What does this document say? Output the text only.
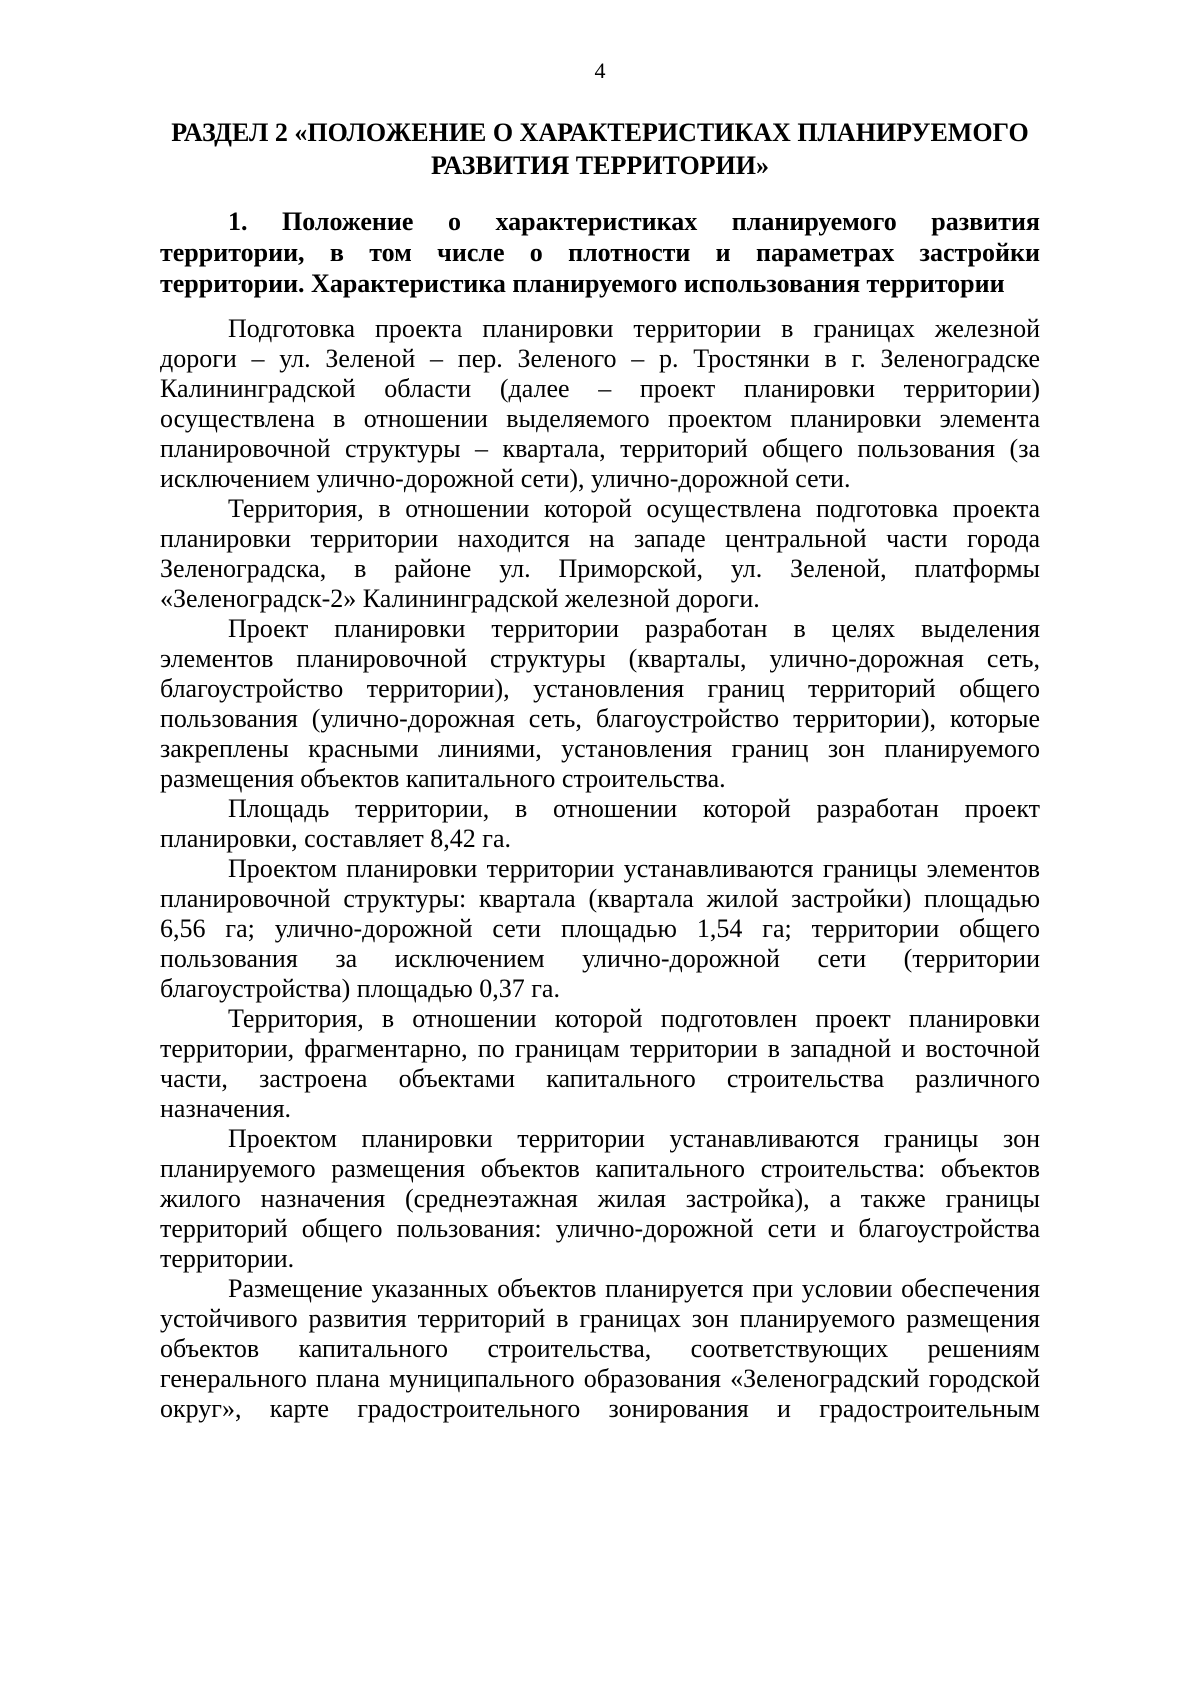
4
РАЗДЕЛ 2 «ПОЛОЖЕНИЕ О ХАРАКТЕРИСТИКАХ ПЛАНИРУЕМОГО РАЗВИТИЯ ТЕРРИТОРИИ»
1. Положение о характеристиках планируемого развития территории, в том числе о плотности и параметрах застройки территории. Характеристика планируемого использования территории

Подготовка проекта планировки территории в границах железной дороги – ул. Зеленой – пер. Зеленого – р. Тростянки в г. Зеленоградске Калининградской области (далее – проект планировки территории) осуществлена в отношении выделяемого проектом планировки элемента планировочной структуры – квартала, территорий общего пользования (за исключением улично-дорожной сети), улично-дорожной сети.

Территория, в отношении которой осуществлена подготовка проекта планировки территории находится на западе центральной части города Зеленоградска, в районе ул. Приморской, ул. Зеленой, платформы «Зеленоградск-2» Калининградской железной дороги.

Проект планировки территории разработан в целях выделения элементов планировочной структуры (кварталы, улично-дорожная сеть, благоустройство территории), установления границ территорий общего пользования (улично-дорожная сеть, благоустройство территории), которые закреплены красными линиями, установления границ зон планируемого размещения объектов капитального строительства.

Площадь территории, в отношении которой разработан проект планировки, составляет 8,42 га.

Проектом планировки территории устанавливаются границы элементов планировочной структуры: квартала (квартала жилой застройки) площадью 6,56 га; улично-дорожной сети площадью 1,54 га; территории общего пользования за исключением улично-дорожной сети (территории благоустройства) площадью 0,37 га.

Территория, в отношении которой подготовлен проект планировки территории, фрагментарно, по границам территории в западной и восточной части, застроена объектами капитального строительства различного назначения.

Проектом планировки территории устанавливаются границы зон планируемого размещения объектов капитального строительства: объектов жилого назначения (среднеэтажная жилая застройка), а также границы территорий общего пользования: улично-дорожной сети и благоустройства территории.

Размещение указанных объектов планируется при условии обеспечения устойчивого развития территорий в границах зон планируемого размещения объектов капитального строительства, соответствующих решениям генерального плана муниципального образования «Зеленоградский городской округ», карте градостроительного зонирования и градостроительным
